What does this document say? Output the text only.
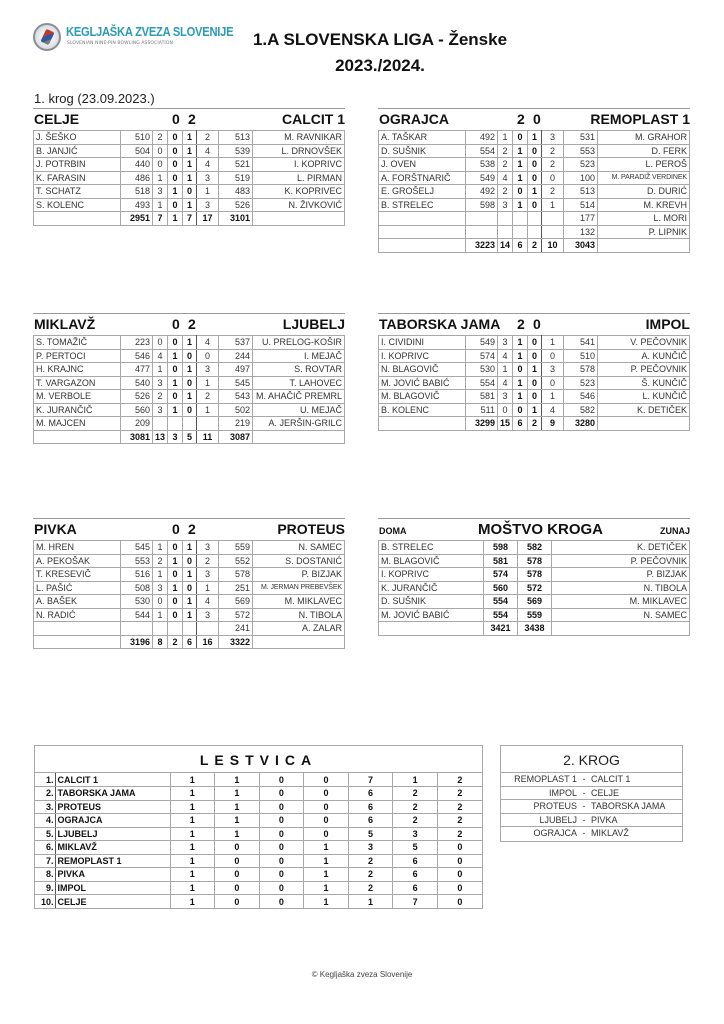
KEGLJAŠKA ZVEZA SLOVENIJE
SLOVENIAN NINE-PIN BOWLING ASSOCIATION	1.A SLOVENSKA LIGA - Ženske
2023./2024.
1. krog (23.09.2023.)
CELJE	0 2	CALCIT 1
J. ŠEŠKO	510	2	0	1	2	513	M. RAVNIKAR
B. JANJIĆ	504	0	0	1	4	539	L. DRNOVŠEK
J. POTRBIN	440	0	0	1	4	521	I. KOPRIVC
K. FARASIN	486	1	0	1	3	519	L. PIRMAN
T. SCHATZ	518	3	1	0	1	483	K. KOPRIVEC
S. KOLENC	493	1	0	1	3	526	N. ŽIVKOVIĆ
	2951	7	1	7	17	3101	
OGRAJCA	2 0	REMOPLAST 1
A. TAŠKAR	492	1	0	1	3	531	M. GRAHOR
D. SUŠNIK	554	2	1	0	2	553	D. FERK
J. OVEN	538	2	1	0	2	523	L. PEROŠ
A. FORŠTNARIČ	549	4	1	0	0	100	M. PARADIŽ VERDINEK
E. GROŠELJ	492	2	0	1	2	513	D. DURIĆ
B. STRELEC	598	3	1	0	1	514	M. KREVH
						177	L. MORI
						132	P. LIPNIK
	3223	14	6	2	10	3043	
MIKLAVŽ	0 2	LJUBELJ
S. TOMAŽIČ	223	0	0	1	4	537	U. PRELOG-KOŠIR
P. PERTOCI	546	4	1	0	0	244	I. MEJAČ
H. KRAJNC	477	1	0	1	3	497	S. ROVTAR
T. VARGAZON	540	3	1	0	1	545	T. LAHOVEC
M. VERBOLE	526	2	0	1	2	543	M. AHAČIČ PREMRL
K. JURANČIČ	560	3	1	0	1	502	U. MEJAČ
M. MAJCEN	209					219	A. JERŠIN-GRILC
	3081	13	3	5	11	3087	
TABORSKA JAMA 2 0	IMPOL
I. CIVIDINI	549	3	1	0	1	541	V. PEČOVNIK
I. KOPRIVC	574	4	1	0	0	510	A. KUNČIČ
N. BLAGOVIČ	530	1	0	1	3	578	P. PEČOVNIK
M. JOVIĆ BABIĆ	554	4	1	0	0	523	Š. KUNČIČ
M. BLAGOVIČ	581	3	1	0	1	546	L. KUNČIČ
B. KOLENC	511	0	0	1	4	582	K. DETIČEK
	3299	15	6	2	9	3280	
PIVKA	0 2	PROTEUS
M. HREN	545	1	0	1	3	559	N. SAMEC
A. PEKOŠAK	553	2	1	0	2	552	S. DOSTANIĆ
T. KRESEVIČ	516	1	0	1	3	578	P. BIZJAK
L. PAŠIĆ	508	3	1	0	1	251	M. JERMAN PREBEVŠEK
A. BAŠEK	530	0	0	1	4	569	M. MIKLAVEC
N. RADIĆ	544	1	0	1	3	572	N. TIBOLA
						241	A. ZALAR
	3196	8	2	6	16	3322	
DOMA	MOŠTVO KROGA	ZUNAJ
B. STRELEC	598	582	K. DETIČEK
M. BLAGOVIČ	581	578	P. PEČOVNIK
I. KOPRIVC	574	578	P. BIZJAK
K. JURANČIČ	560	572	N. TIBOLA
D. SUŠNIK	554	569	M. MIKLAVEC
M. JOVIĆ BABIĆ	554	559	N. SAMEC
	3421	3438	
LESTVICA
1.	CALCIT 1	1	1	0	0	7	1	2
2.	TABORSKA JAMA	1	1	0	0	6	2	2
3.	PROTEUS	1	1	0	0	6	2	2
4.	OGRAJCA	1	1	0	0	6	2	2
5.	LJUBELJ	1	1	0	0	5	3	2
6.	MIKLAVŽ	1	0	0	1	3	5	0
7.	REMOPLAST 1	1	0	0	1	2	6	0
8.	PIVKA	1	0	0	1	2	6	0
9.	IMPOL	1	0	0	1	2	6	0
10.	CELJE	1	0	0	1	1	7	0
2. KROG
REMOPLAST 1 - CALCIT 1
IMPOL - CELJE
PROTEUS - TABORSKA JAMA
LJUBELJ - PIVKA
OGRAJCA - MIKLAVŽ
© Kegljaška zveza Slovenije
